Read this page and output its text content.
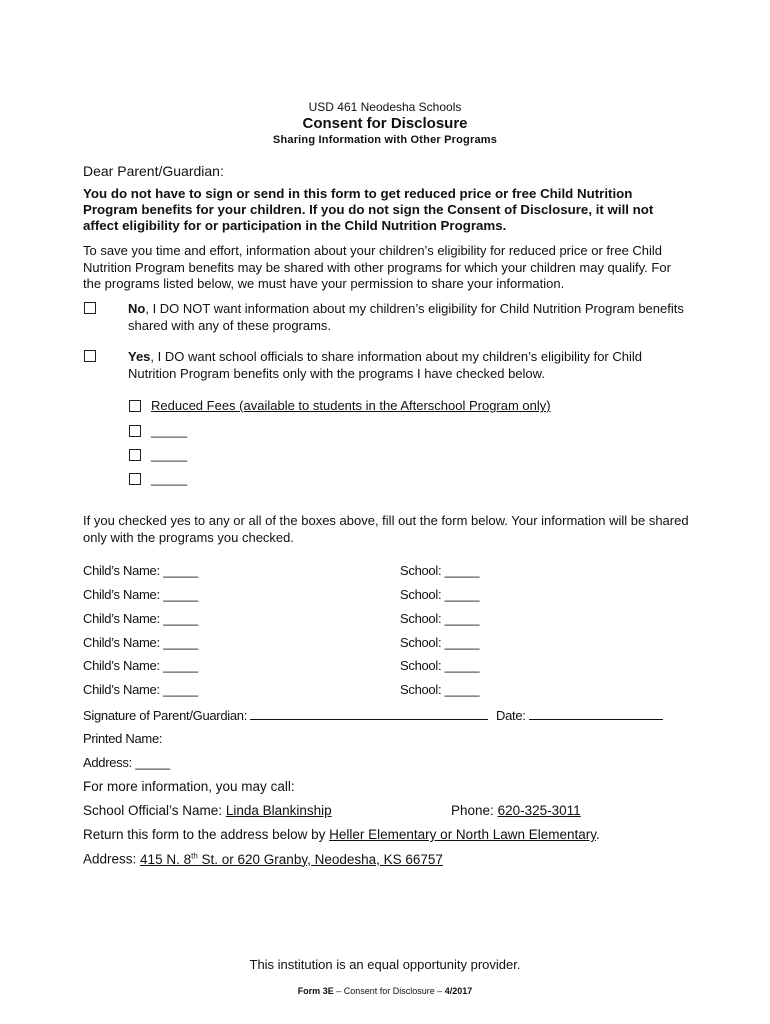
USD 461 Neodesha Schools
Consent for Disclosure
Sharing Information with Other Programs
Dear Parent/Guardian:
You do not have to sign or send in this form to get reduced price or free Child Nutrition Program benefits for your children. If you do not sign the Consent of Disclosure, it will not affect eligibility for or participation in the Child Nutrition Programs.
To save you time and effort, information about your children’s eligibility for reduced price or free Child Nutrition Program benefits may be shared with other programs for which your children may qualify. For the programs listed below, we must have your permission to share your information.
No, I DO NOT want information about my children’s eligibility for Child Nutrition Program benefits shared with any of these programs.
Yes, I DO want school officials to share information about my children’s eligibility for Child Nutrition Program benefits only with the programs I have checked below.
Reduced Fees (available to students in the Afterschool Program only)
_____
_____
_____
If you checked yes to any or all of the boxes above, fill out the form below. Your information will be shared only with the programs you checked.
Child’s Name: _____	School: _____
Child’s Name: _____	School: _____
Child’s Name: _____	School: _____
Child’s Name: _____	School: _____
Child’s Name: _____	School: _____
Child’s Name: _____	School: _____
Signature of Parent/Guardian:	Date:
Printed Name:
Address: _____
For more information, you may call:
School Official’s Name: Linda Blankinship	Phone: 620-325-3011
Return this form to the address below by Heller Elementary or North Lawn Elementary.
Address: 415 N. 8th St. or 620 Granby, Neodesha, KS 66757
This institution is an equal opportunity provider.
Form 3E – Consent for Disclosure – 4/2017
